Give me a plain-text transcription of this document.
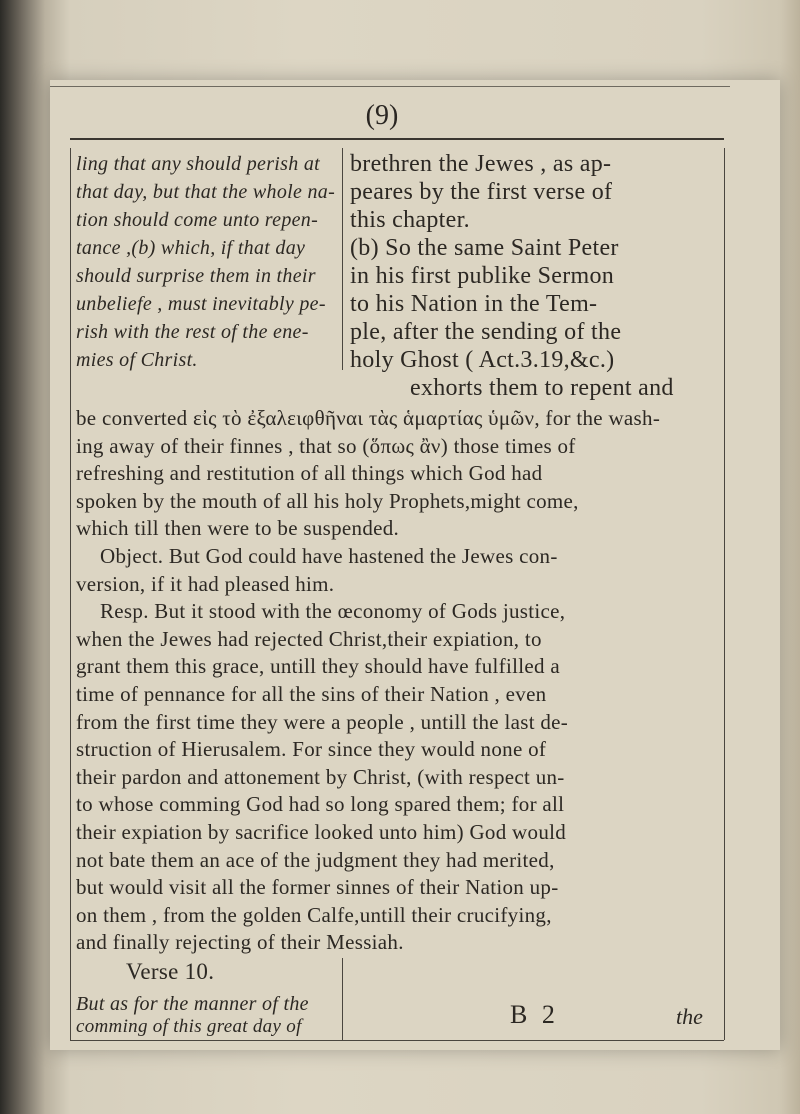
(9)
ling that any should perish at
that day, but that the whole na-
tion should come unto repen-
tance ,(b) which, if that day
should surprise them in their
unbeliefe , must inevitably pe-
rish with the rest of the ene-
mies of Christ.
brethren the Jewes , as ap-
peares by the first verse of
this chapter.
(b) So the same Saint Peter
in his first publike Sermon
to his Nation in the Tem-
ple, after the sending of the
holy Ghost ( Act.3.19,&c.)
exhorts them to repent and
be converted εἰς τὸ ἐξαλειφθῆναι τὰς ἁμαρτίας ὑμῶν, for the wash-
ing away of their finnes , that so (ὅπως ἂν) those times of
refreshing and restitution of all things which God had
spoken by the mouth of all his holy Prophets,might come,
which till then were to be suspended.
Object. But God could have hastened the Jewes con-
version, if it had pleased him.
Resp. But it stood with the œconomy of Gods justice,
when the Jewes had rejected Christ,their expiation, to
grant them this grace, untill they should have fulfilled a
time of pennance for all the sins of their Nation , even
from the first time they were a people , untill the last de-
struction of Hierusalem. For since they would none of
their pardon and attonement by Christ, (with respect un-
to whose comming God had so long spared them; for all
their expiation by sacrifice looked unto him) God would
not bate them an ace of the judgment they had merited,
but would visit all the former sinnes of their Nation up-
on them , from the golden Calfe,untill their crucifying,
and finally rejecting of their Messiah.
Verse 10.
But as for the manner of the	B 2	the
comming of this great day of
